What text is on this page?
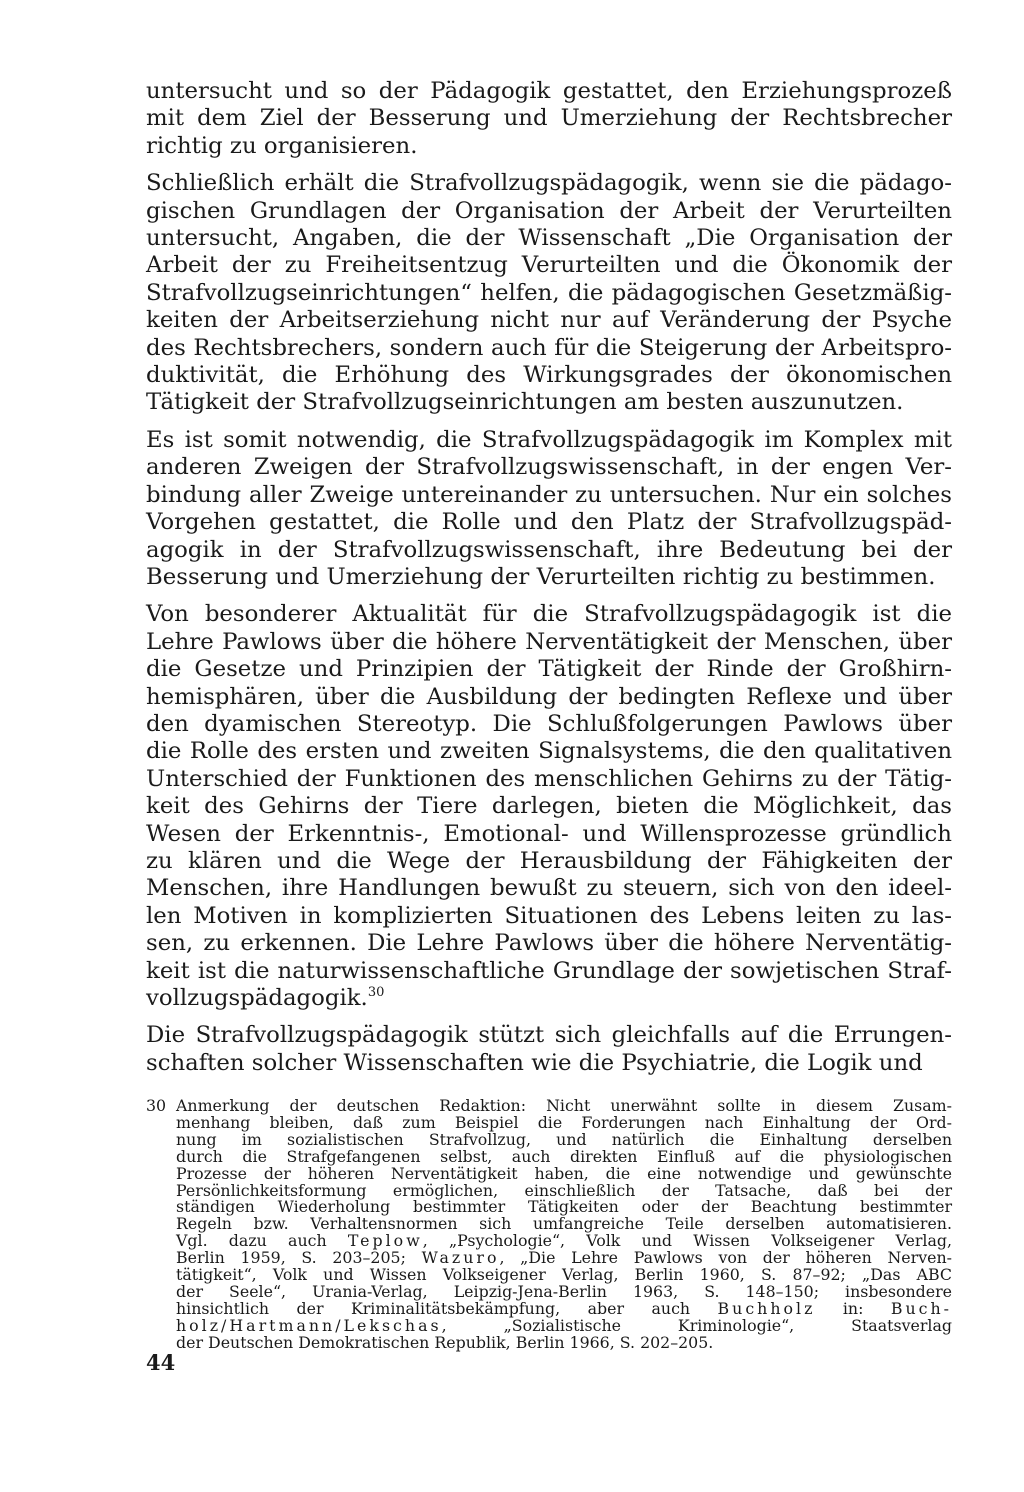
untersucht und so der Pädagogik gestattet, den Erziehungsprozeß
mit dem Ziel der Besserung und Umerziehung der Rechtsbrecher
richtig zu organisieren.
Schließlich erhält die Strafvollzugspädagogik, wenn sie die pädago-
gischen Grundlagen der Organisation der Arbeit der Verurteilten
untersucht, Angaben, die der Wissenschaft „Die Organisation der
Arbeit der zu Freiheitsentzug Verurteilten und die Ökonomik der
Strafvollzugseinrichtungen“ helfen, die pädagogischen Gesetzmäßig-
keiten der Arbeitserziehung nicht nur auf Veränderung der Psyche
des Rechtsbrechers, sondern auch für die Steigerung der Arbeitspro-
duktivität, die Erhöhung des Wirkungsgrades der ökonomischen
Tätigkeit der Strafvollzugseinrichtungen am besten auszunutzen.
Es ist somit notwendig, die Strafvollzugspädagogik im Komplex mit
anderen Zweigen der Strafvollzugswissenschaft, in der engen Ver-
bindung aller Zweige untereinander zu untersuchen. Nur ein solches
Vorgehen gestattet, die Rolle und den Platz der Strafvollzugspäd-
agogik in der Strafvollzugswissenschaft, ihre Bedeutung bei der
Besserung und Umerziehung der Verurteilten richtig zu bestimmen.
Von besonderer Aktualität für die Strafvollzugspädagogik ist die
Lehre Pawlows über die höhere Nerventätigkeit der Menschen, über
die Gesetze und Prinzipien der Tätigkeit der Rinde der Großhirn-
hemisphären, über die Ausbildung der bedingten Reflexe und über
den dyamischen Stereotyp. Die Schlußfolgerungen Pawlows über
die Rolle des ersten und zweiten Signalsystems, die den qualitativen
Unterschied der Funktionen des menschlichen Gehirns zu der Tätig-
keit des Gehirns der Tiere darlegen, bieten die Möglichkeit, das
Wesen der Erkenntnis-, Emotional- und Willensprozesse gründlich
zu klären und die Wege der Herausbildung der Fähigkeiten der
Menschen, ihre Handlungen bewußt zu steuern, sich von den ideel-
len Motiven in komplizierten Situationen des Lebens leiten zu las-
sen, zu erkennen. Die Lehre Pawlows über die höhere Nerventätig-
keit ist die naturwissenschaftliche Grundlage der sowjetischen Straf-
vollzugspädagogik.$^{30}$
Die Strafvollzugspädagogik stützt sich gleichfalls auf die Errungen-
schaften solcher Wissenschaften wie die Psychiatrie, die Logik und
30 Anmerkung der deutschen Redaktion: Nicht unerwähnt sollte in diesem Zusam-
menhang bleiben, daß zum Beispiel die Forderungen nach Einhaltung der Ord-
nung im sozialistischen Strafvollzug, und natürlich die Einhaltung derselben
durch die Strafgefangenen selbst, auch direkten Einfluß auf die physiologischen
Prozesse der höheren Nerventätigkeit haben, die eine notwendige und gewünschte
Persönlichkeitsformung ermöglichen, einschließlich der Tatsache, daß bei der
ständigen Wiederholung bestimmter Tätigkeiten oder der Beachtung bestimmter
Regeln bzw. Verhaltensnormen sich umfangreiche Teile derselben automatisieren.
Vgl. dazu auch Teplow, „Psychologie“, Volk und Wissen Volkseigener Verlag,
Berlin 1959, S. 203–205; Wazuro, „Die Lehre Pawlows von der höheren Nerven-
tätigkeit“, Volk und Wissen Volkseigener Verlag, Berlin 1960, S. 87–92; „Das ABC
der Seele“, Urania-Verlag, Leipzig-Jena-Berlin 1963, S. 148–150; insbesondere
hinsichtlich der Kriminalitätsbekämpfung, aber auch Buchholz in: Buch-
holz/Hartmann/Lekschas, „Sozialistische Kriminologie“, Staatsverlag
der Deutschen Demokratischen Republik, Berlin 1966, S. 202–205.
44
